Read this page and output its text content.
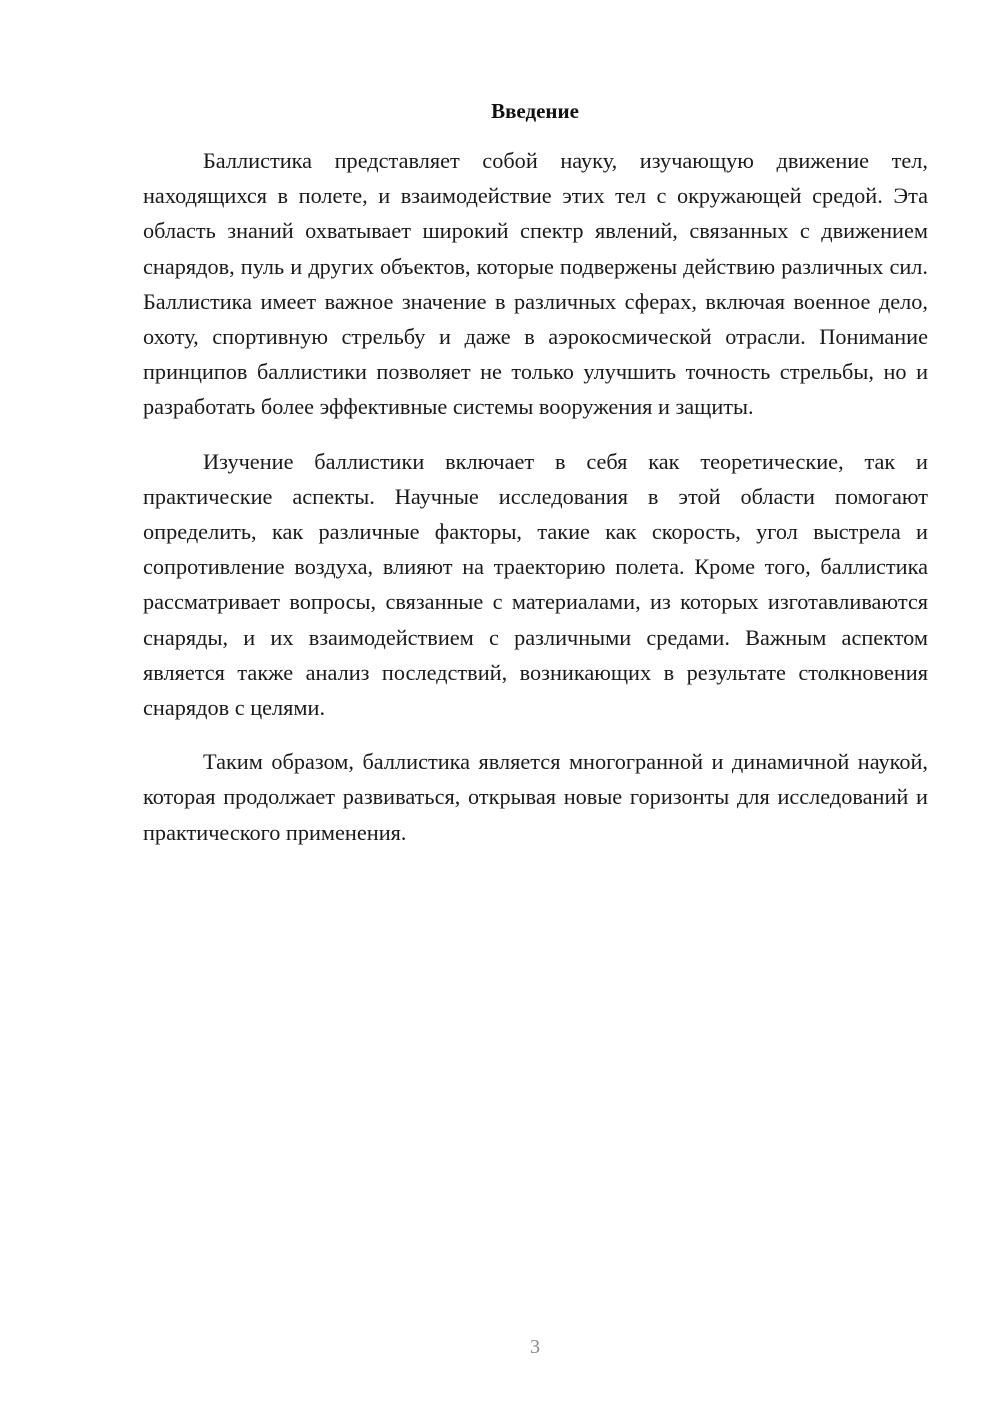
Введение

Баллистика представляет собой науку, изучающую движение тел, находящихся в полете, и взаимодействие этих тел с окружающей средой. Эта область знаний охватывает широкий спектр явлений, связанных с движением снарядов, пуль и других объектов, которые подвержены действию различных сил. Баллистика имеет важное значение в различных сферах, включая военное дело, охоту, спортивную стрельбу и даже в аэрокосмической отрасли. Понимание принципов баллистики позволяет не только улучшить точность стрельбы, но и разработать более эффективные системы вооружения и защиты.

Изучение баллистики включает в себя как теоретические, так и практические аспекты. Научные исследования в этой области помогают определить, как различные факторы, такие как скорость, угол выстрела и сопротивление воздуха, влияют на траекторию полета. Кроме того, баллистика рассматривает вопросы, связанные с материалами, из которых изготавливаются снаряды, и их взаимодействием с различными средами. Важным аспектом является также анализ последствий, возникающих в результате столкновения снарядов с целями.

Таким образом, баллистика является многогранной и динамичной наукой, которая продолжает развиваться, открывая новые горизонты для исследований и практического применения.

3
